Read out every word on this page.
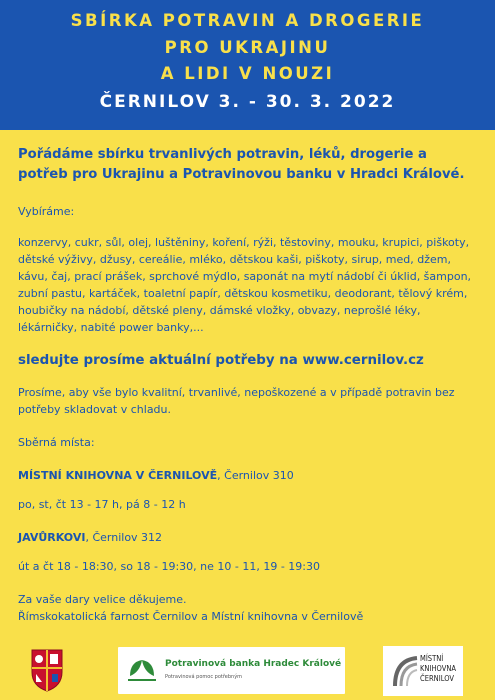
SBÍRKA POTRAVIN A DROGERIE
PRO UKRAJINU
A LIDI V NOUZI
ČERNILOV 3. - 30. 3. 2022
Pořádáme sbírku trvanlivých potravin, léků, drogerie a potřeb pro Ukrajinu a Potravinovou banku v Hradci Králové.
Vybíráme:
konzervy, cukr, sůl, olej, luštěniny, koření, rýži, těstoviny, mouku, krupici, piškoty, dětské výživy, džusy, cereálie, mléko, dětskou kaši, piškoty, sirup, med, džem, kávu, čaj, prací prášek, sprchové mýdlo, saponát na mytí nádobí či úklid, šampon, zubní pastu, kartáček, toaletní papír, dětskou kosmetiku, deodorant, tělový krém, houbičky na nádobí, dětské pleny, dámské vložky, obvazy, neprošlé léky, lékárničky, nabité power banky,...
sledujte prosíme aktuální potřeby na www.cernilov.cz
Prosíme, aby vše bylo kvalitní, trvanlivé, nepoškozené a v případě potravin bez potřeby skladovat v chladu.
Sběrná místa:
MÍSTNÍ KNIHOVNA V ČERNILOVĚ, Černilov 310
po, st, čt 13 - 17 h, pá 8 - 12 h
JAVŮRKOVI, Černilov 312
út a čt 18 - 18:30, so 18 - 19:30, ne 10 - 11, 19 - 19:30
Za vaše dary velice děkujeme.
Římskokatolická farnost Černilov a Místní knihovna v Černilově
Potravinová banka Hradec Králové
Potravinová pomoc potřebným
MÍSTNÍ
KNIHOVNA
ČERNILOV
